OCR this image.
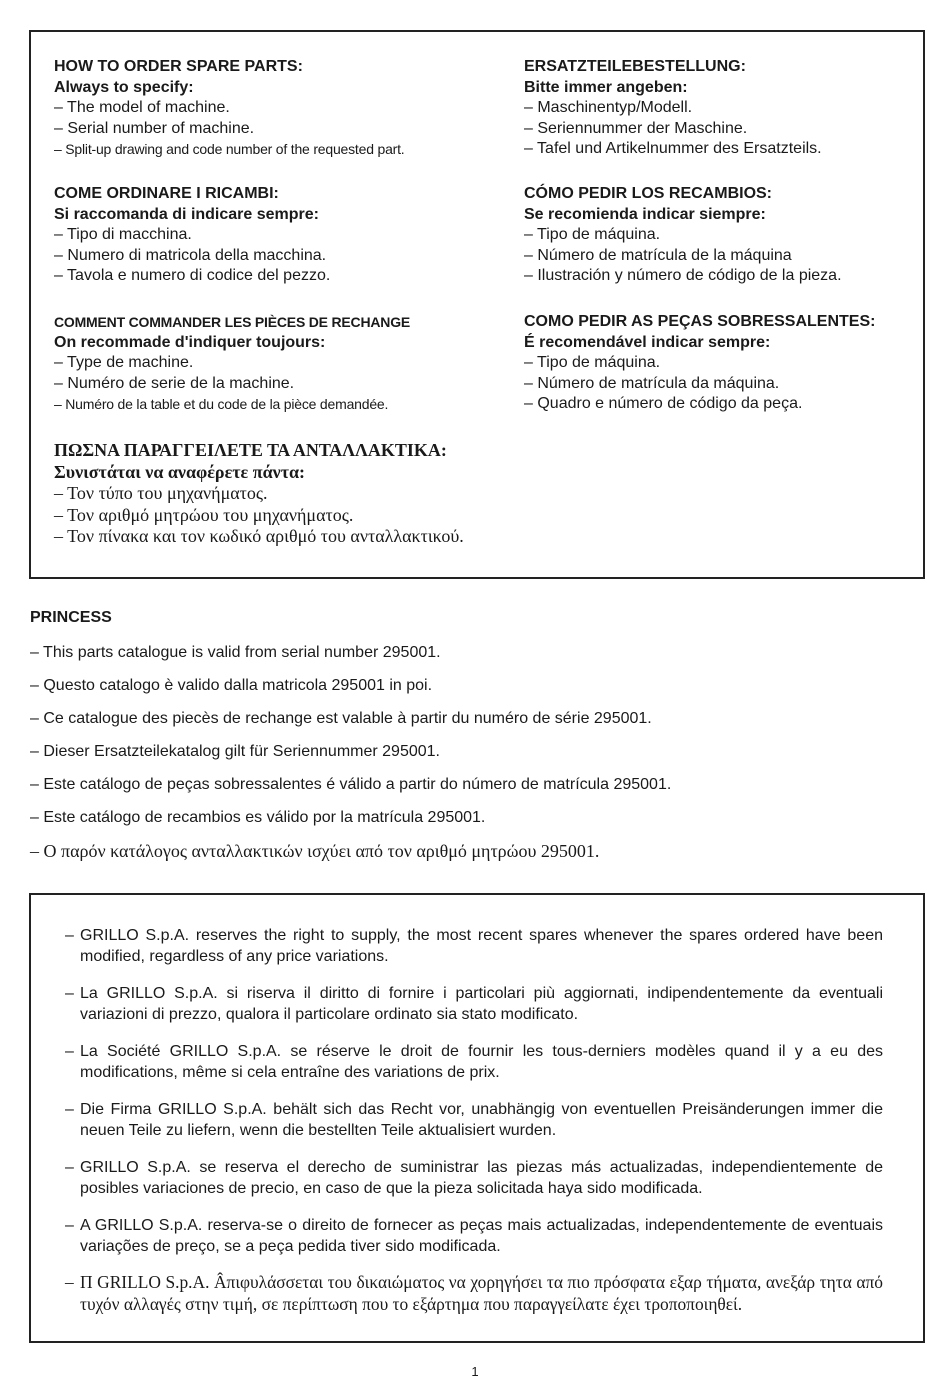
HOW TO ORDER SPARE PARTS:
Always to specify:
– The model of machine.
– Serial number of machine.
– Split-up drawing and code number of the requested part.
ERSATZTEILEBESTELLUNG:
Bitte immer angeben:
– Maschinentyp/Modell.
– Seriennummer der Maschine.
– Tafel und Artikelnummer des Ersatzteils.
COME ORDINARE I RICAMBI:
Si raccomanda di indicare sempre:
– Tipo di macchina.
– Numero di matricola della macchina.
– Tavola e numero di codice del pezzo.
CÓMO PEDIR LOS RECAMBIOS:
Se recomienda indicar siempre:
– Tipo de máquina.
– Número de matrícula de la máquina
– Ilustración y número de código de la pieza.
COMMENT COMMANDER LES PIÈCES DE RECHANGE
On recommade d'indiquer toujours:
– Type de machine.
– Numéro de serie de la machine.
– Numéro de la table et du code de la pièce demandée.
COMO PEDIR AS PEÇAS SOBRESSALENTES:
É recomendável indicar sempre:
– Tipo de máquina.
– Número de matrícula da máquina.
– Quadro e número de código da peça.
ΠΩΣΝΑ ΠΑΡΑΓΓΕΙΛΕΤΕ ΤΑ ΑΝΤΑΛΛΑΚΤΙΚΑ:
Συνιστάται να αναφέρετε πάντα:
– Τον τύπο του μηχανήματος.
– Τον αριθμό μητρώου του μηχανήματος.
– Τον πίνακα και τον κωδικό αριθμό του ανταλλακτικού.
PRINCESS
– This parts catalogue is valid from serial number 295001.
– Questo catalogo è valido dalla matricola 295001 in poi.
– Ce catalogue des piecès de rechange est valable à partir du numéro de série 295001.
– Dieser Ersatzteilekatalog gilt für Seriennummer 295001.
– Este catálogo de peças sobressalentes é válido a partir do número de matrícula 295001.
– Este catálogo de recambios es válido por la matrícula 295001.
– Ο παρόν κατάλογος ανταλλακτικών ισχύει από τον αριθμό μητρώου 295001.
– GRILLO S.p.A. reserves the right to supply, the most recent spares whenever the spares ordered have been modified, regardless of any price variations.
– La GRILLO S.p.A. si riserva il diritto di fornire i particolari più aggiornati, indipendentemente da eventuali variazioni di prezzo, qualora il particolare ordinato sia stato modificato.
– La Société GRILLO S.p.A. se réserve le droit de fournir les tous-derniers modèles quand il y a eu des modifications, même si cela entraîne des variations de prix.
– Die Firma GRILLO S.p.A. behält sich das Recht vor, unabhängig von eventuellen Preisänderungen immer die neuen Teile zu liefern, wenn die bestellten Teile aktualisiert wurden.
– GRILLO S.p.A. se reserva el derecho de suministrar las piezas más actualizadas, independientemente de posibles variaciones de precio, en caso de que la pieza solicitada haya sido modificada.
– A GRILLO S.p.A. reserva-se o direito de fornecer as peças mais actualizadas, independentemente de eventuais variações de preço, se a peça pedida tiver sido modificada.
– Π GRILLO S.p.A. Âπιφυλάσσεται του δικαιώματος να χορηγήσει τα πιο πρόσφατα εξαρ τήματα, ανεξάρ τητα από τυχόν αλλαγές στην τιμή, σε περίπτωση που το εξάρτημα που παραγγείλατε έχει τροποποιηθεί.
1
